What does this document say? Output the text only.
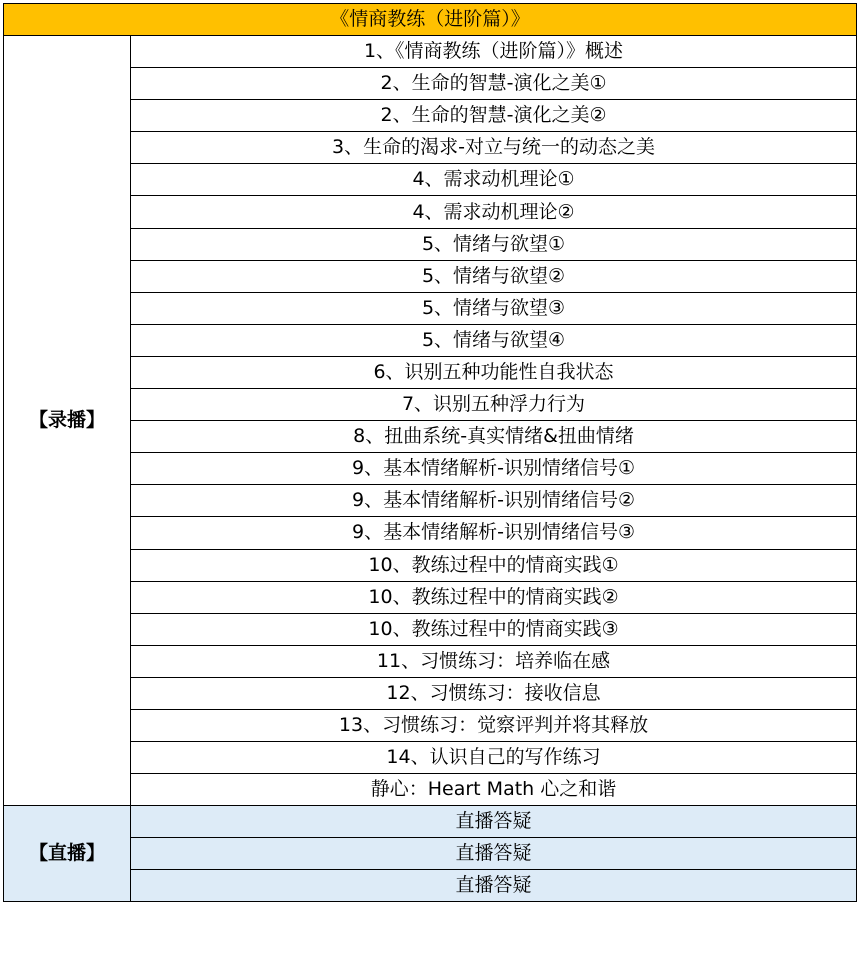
《情商教练（进阶篇）》	
【录播】	1、《情商教练（进阶篇）》概述
	2、生命的智慧-演化之美①
	2、生命的智慧-演化之美②
	3、生命的渴求-对立与统一的动态之美
	4、需求动机理论①
	4、需求动机理论②
	5、情绪与欲望①
	5、情绪与欲望②
	5、情绪与欲望③
	5、情绪与欲望④
	6、识别五种功能性自我状态
	7、识别五种浮力行为
	8、扭曲系统-真实情绪&扭曲情绪
	9、基本情绪解析-识别情绪信号①
	9、基本情绪解析-识别情绪信号②
	9、基本情绪解析-识别情绪信号③
	10、教练过程中的情商实践①
	10、教练过程中的情商实践②
	10、教练过程中的情商实践③
	11、习惯练习：培养临在感
	12、习惯练习：接收信息
	13、习惯练习：觉察评判并将其释放
	14、认识自己的写作练习
	静心：Heart Math 心之和谐
【直播】	直播答疑
	直播答疑
	直播答疑
